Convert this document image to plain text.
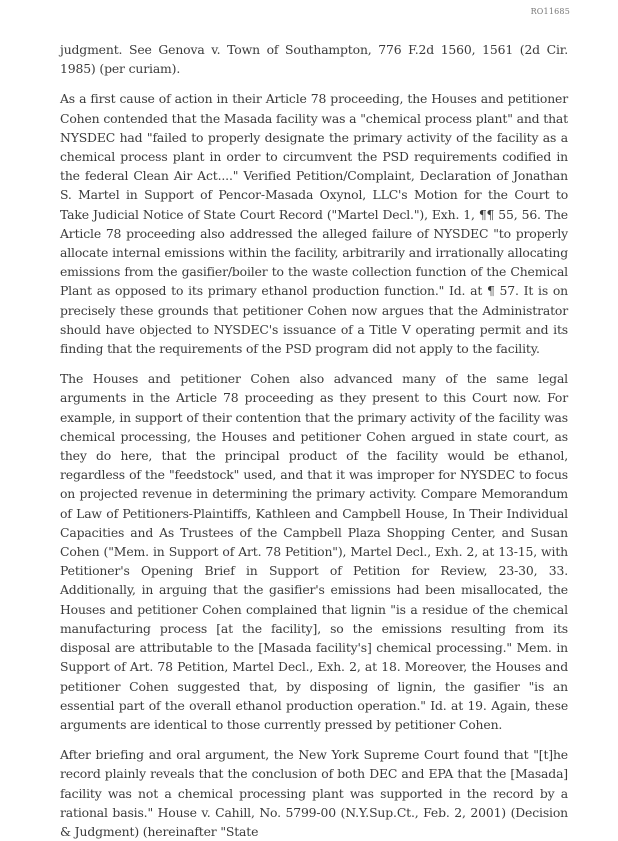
RO11685

judgment. See Genova v. Town of Southampton, 776 F.2d 1560, 1561 (2d Cir. 1985) (per curiam).

As a first cause of action in their Article 78 proceeding, the Houses and petitioner Cohen contended that the Masada facility was a "chemical process plant" and that NYSDEC had "failed to properly designate the primary activity of the facility as a chemical process plant in order to circumvent the PSD requirements codified in the federal Clean Air Act...." Verified Petition/Complaint, Declaration of Jonathan S. Martel in Support of Pencor-Masada Oxynol, LLC's Motion for the Court to Take Judicial Notice of State Court Record ("Martel Decl."), Exh. 1, ¶¶ 55, 56. The Article 78 proceeding also addressed the alleged failure of NYSDEC "to properly allocate internal emissions within the facility, arbitrarily and irrationally allocating emissions from the gasifier/boiler to the waste collection function of the Chemical Plant as opposed to its primary ethanol production function." Id. at ¶ 57. It is on precisely these grounds that petitioner Cohen now argues that the Administrator should have objected to NYSDEC's issuance of a Title V operating permit and its finding that the requirements of the PSD program did not apply to the facility.

The Houses and petitioner Cohen also advanced many of the same legal arguments in the Article 78 proceeding as they present to this Court now. For example, in support of their contention that the primary activity of the facility was chemical processing, the Houses and petitioner Cohen argued in state court, as they do here, that the principal product of the facility would be ethanol, regardless of the "feedstock" used, and that it was improper for NYSDEC to focus on projected revenue in determining the primary activity. Compare Memorandum of Law of Petitioners-Plaintiffs, Kathleen and Campbell House, In Their Individual Capacities and As Trustees of the Campbell Plaza Shopping Center, and Susan Cohen ("Mem. in Support of Art. 78 Petition"), Martel Decl., Exh. 2, at 13-15, with Petitioner's Opening Brief in Support of Petition for Review, 23-30, 33. Additionally, in arguing that the gasifier's emissions had been misallocated, the Houses and petitioner Cohen complained that lignin "is a residue of the chemical manufacturing process [at the facility], so the emissions resulting from its disposal are attributable to the [Masada facility's] chemical processing." Mem. in Support of Art. 78 Petition, Martel Decl., Exh. 2, at 18. Moreover, the Houses and petitioner Cohen suggested that, by disposing of lignin, the gasifier "is an essential part of the overall ethanol production operation." Id. at 19. Again, these arguments are identical to those currently pressed by petitioner Cohen.

After briefing and oral argument, the New York Supreme Court found that "[t]he record plainly reveals that the conclusion of both DEC and EPA that the [Masada] facility was not a chemical processing plant was supported in the record by a rational basis." House v. Cahill, No. 5799-00 (N.Y.Sup.Ct., Feb. 2, 2001) (Decision & Judgment) (hereinafter "State
